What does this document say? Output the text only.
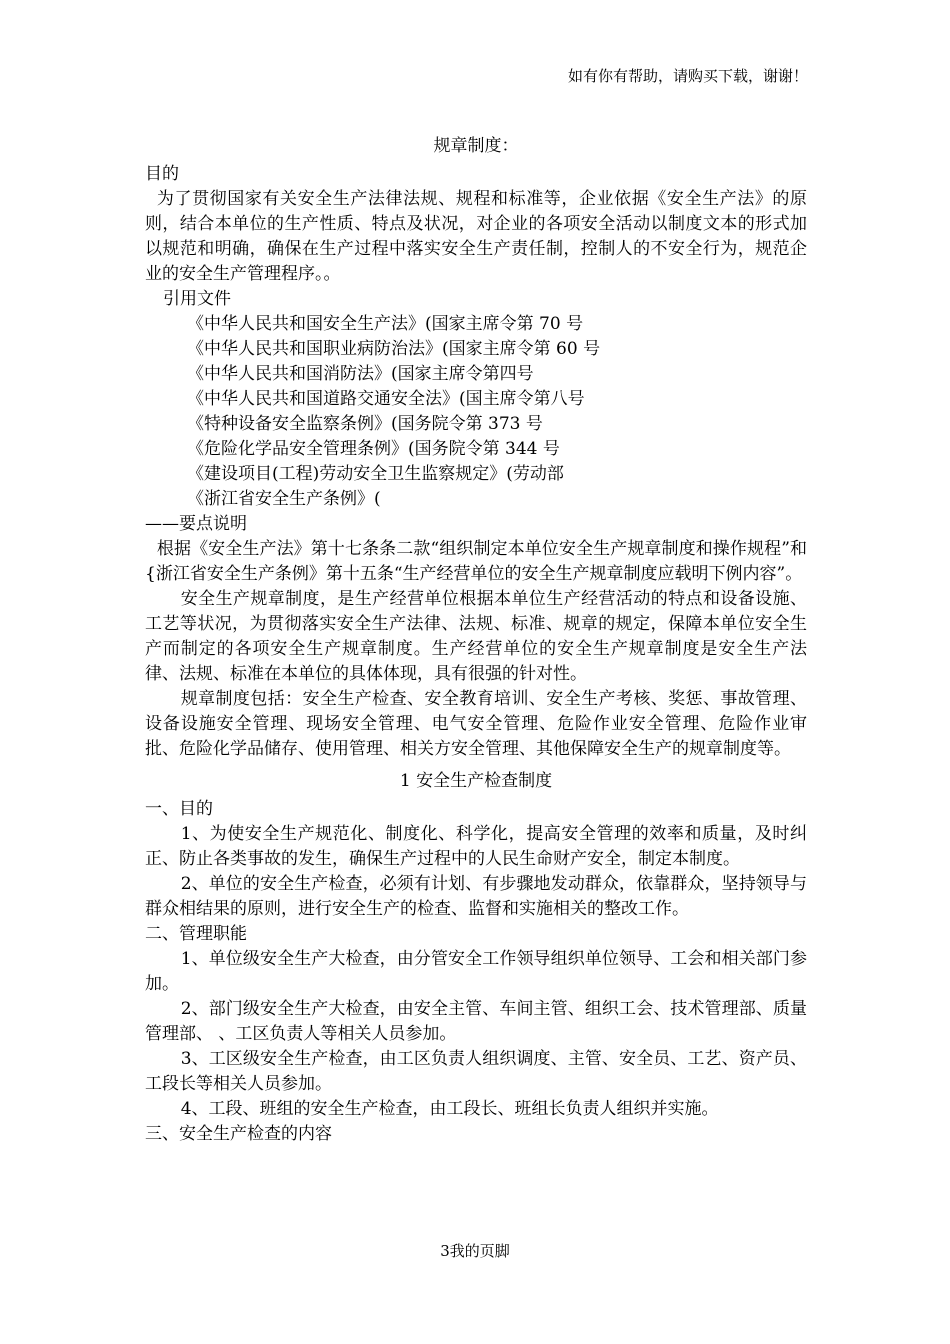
如有你有帮助，请购买下载，谢谢！

规章制度：

目的

为了贯彻国家有关安全生产法律法规、规程和标准等，企业依据《安全生产法》的原则，结合本单位的生产性质、特点及状况，对企业的各项安全活动以制度文本的形式加以规范和明确，确保在生产过程中落实安全生产责任制，控制人的不安全行为，规范企业的安全生产管理程序。。

引用文件

《中华人民共和国安全生产法》(国家主席令第 70 号

《中华人民共和国职业病防治法》(国家主席令第 60 号

《中华人民共和国消防法》(国家主席令第四号

《中华人民共和国道路交通安全法》(国主席令第八号

《特种设备安全监察条例》(国务院令第 373 号

《危险化学品安全管理条例》(国务院令第 344 号

《建设项目(工程)劳动安全卫生监察规定》(劳动部

《浙江省安全生产条例》(

——要点说明

根据《安全生产法》第十七条条二款“组织制定本单位安全生产规章制度和操作规程”和{浙江省安全生产条例》第十五条“生产经营单位的安全生产规章制度应载明下例内容”。

安全生产规章制度，是生产经营单位根据本单位生产经营活动的特点和设备设施、工艺等状况，为贯彻落实安全生产法律、法规、标准、规章的规定，保障本单位安全生产而制定的各项安全生产规章制度。生产经营单位的安全生产规章制度是安全生产法律、法规、标准在本单位的具体体现，具有很强的针对性。

规章制度包括：安全生产检查、安全教育培训、安全生产考核、奖惩、事故管理、设备设施安全管理、现场安全管理、电气安全管理、危险作业安全管理、危险作业审批、危险化学品储存、使用管理、相关方安全管理、其他保障安全生产的规章制度等。

1 安全生产检查制度

一、目的

1、为使安全生产规范化、制度化、科学化，提高安全管理的效率和质量，及时纠正、防止各类事故的发生，确保生产过程中的人民生命财产安全，制定本制度。

2、单位的安全生产检查，必须有计划、有步骤地发动群众，依靠群众，坚持领导与群众相结果的原则，进行安全生产的检查、监督和实施相关的整改工作。

二、管理职能

1、单位级安全生产大检查，由分管安全工作领导组织单位领导、工会和相关部门参加。

2、部门级安全生产大检查，由安全主管、车间主管、组织工会、技术管理部、质量管理部、 、工区负责人等相关人员参加。

3、工区级安全生产检查，由工区负责人组织调度、主管、安全员、工艺、资产员、工段长等相关人员参加。

4、工段、班组的安全生产检查，由工段长、班组长负责人组织并实施。

三、安全生产检查的内容

3我的页脚
